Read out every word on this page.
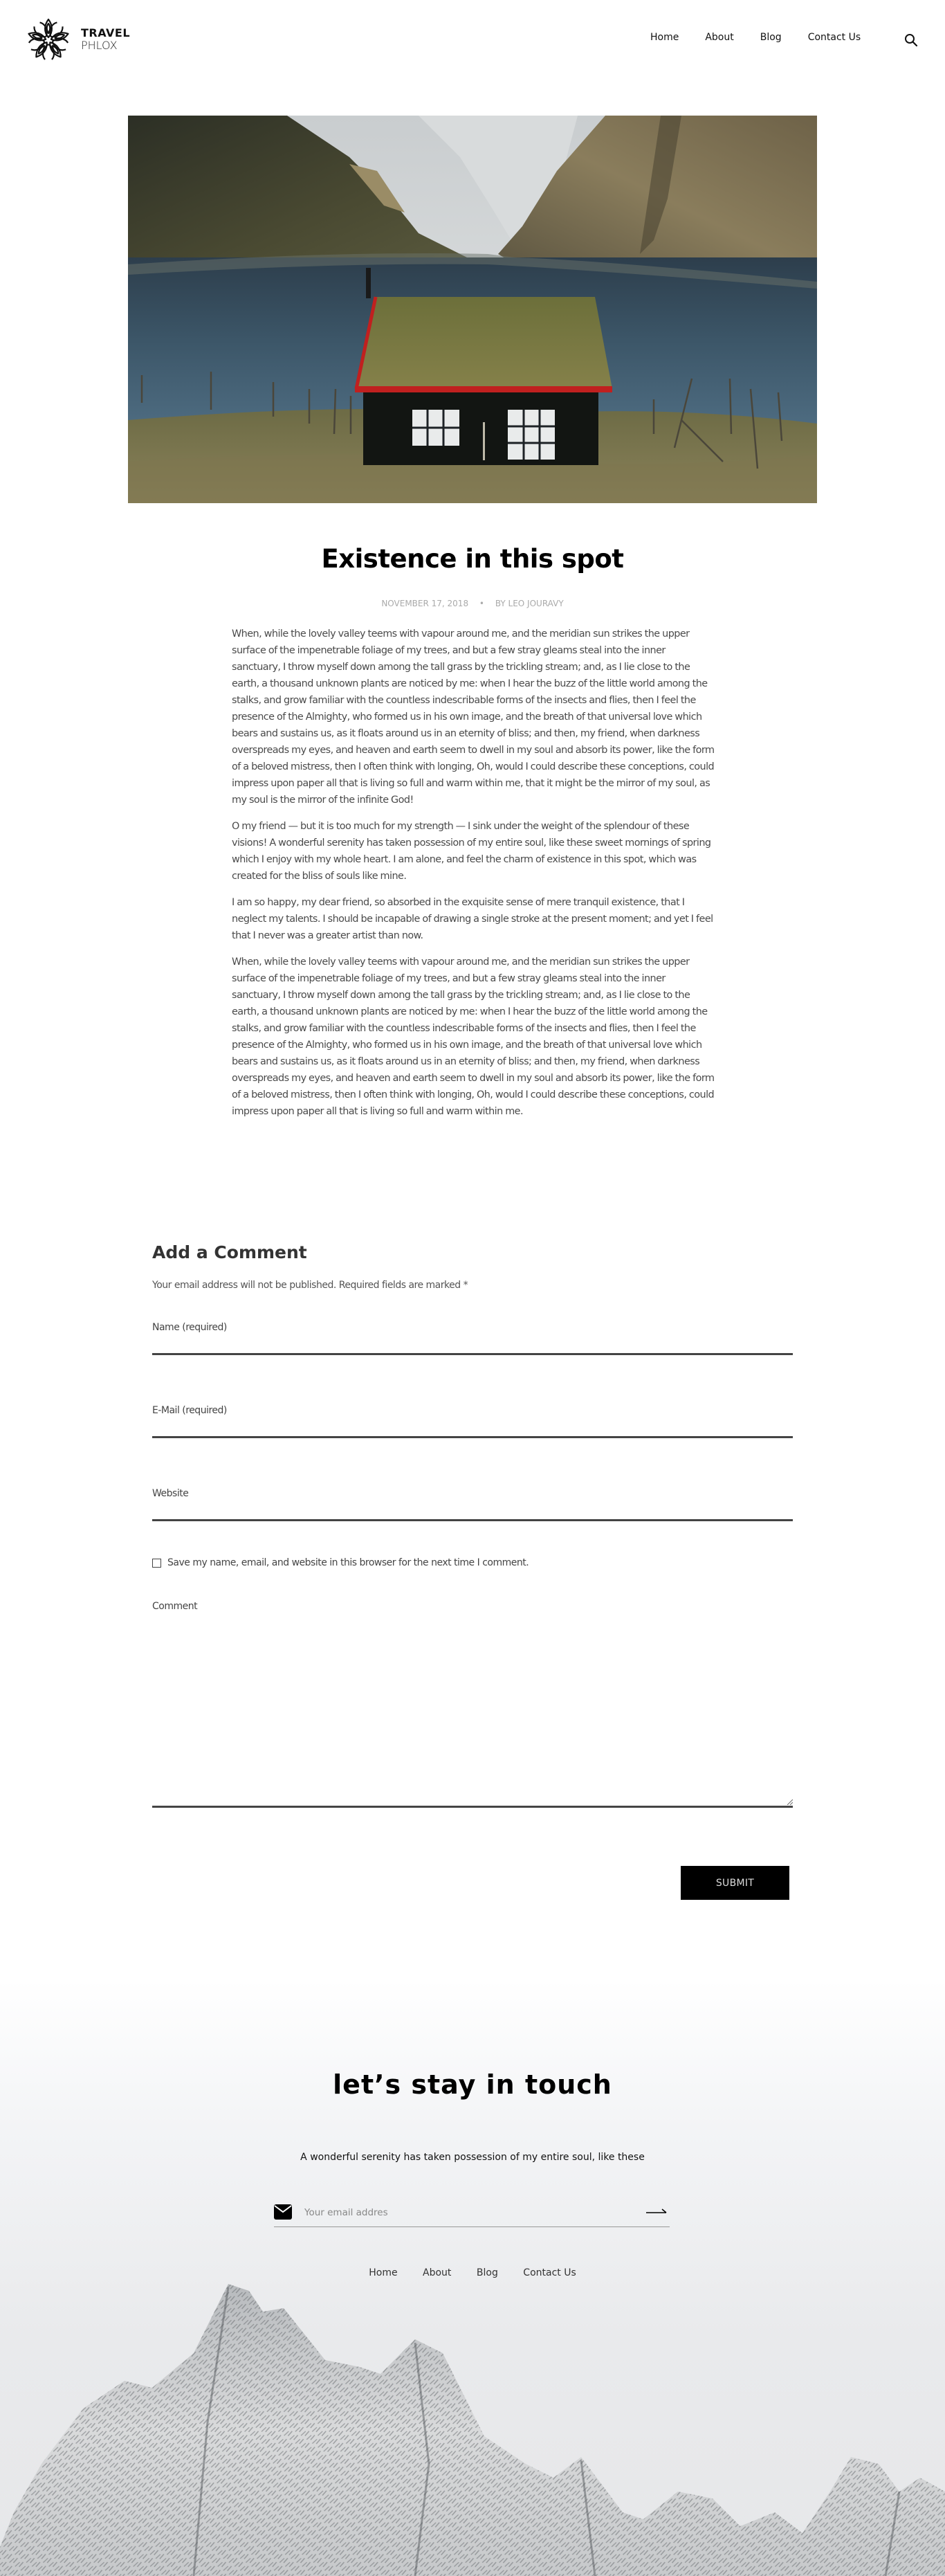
TRAVEL
PHLOX
Home	About	Blog	Contact Us
Existence in this spot
NOVEMBER 17, 2018 • BY LEO JOURAVY

When, while the lovely valley teems with vapour around me, and the meridian sun strikes the upper surface of the impenetrable foliage of my trees, and but a few stray gleams steal into the inner sanctuary, I throw myself down among the tall grass by the trickling stream; and, as I lie close to the earth, a thousand unknown plants are noticed by me: when I hear the buzz of the little world among the stalks, and grow familiar with the countless indescribable forms of the insects and flies, then I feel the presence of the Almighty, who formed us in his own image, and the breath of that universal love which bears and sustains us, as it floats around us in an eternity of bliss; and then, my friend, when darkness overspreads my eyes, and heaven and earth seem to dwell in my soul and absorb its power, like the form of a beloved mistress, then I often think with longing, Oh, would I could describe these conceptions, could impress upon paper all that is living so full and warm within me, that it might be the mirror of my soul, as my soul is the mirror of the infinite God!

O my friend — but it is too much for my strength — I sink under the weight of the splendour of these visions! A wonderful serenity has taken possession of my entire soul, like these sweet mornings of spring which I enjoy with my whole heart. I am alone, and feel the charm of existence in this spot, which was created for the bliss of souls like mine.

I am so happy, my dear friend, so absorbed in the exquisite sense of mere tranquil existence, that I neglect my talents. I should be incapable of drawing a single stroke at the present moment; and yet I feel that I never was a greater artist than now.

When, while the lovely valley teems with vapour around me, and the meridian sun strikes the upper surface of the impenetrable foliage of my trees, and but a few stray gleams steal into the inner sanctuary, I throw myself down among the tall grass by the trickling stream; and, as I lie close to the earth, a thousand unknown plants are noticed by me: when I hear the buzz of the little world among the stalks, and grow familiar with the countless indescribable forms of the insects and flies, then I feel the presence of the Almighty, who formed us in his own image, and the breath of that universal love which bears and sustains us, as it floats around us in an eternity of bliss; and then, my friend, when darkness overspreads my eyes, and heaven and earth seem to dwell in my soul and absorb its power, like the form of a beloved mistress, then I often think with longing, Oh, would I could describe these conceptions, could impress upon paper all that is living so full and warm within me.

Add a Comment

Your email address will not be published. Required fields are marked *

Name (required)
E-Mail (required)
Website
Save my name, email, and website in this browser for the next time I comment.
Comment
SUBMIT
let’s stay in touch

A wonderful serenity has taken possession of my entire soul, like these

Your email addres
Home	About	Blog	Contact Us
